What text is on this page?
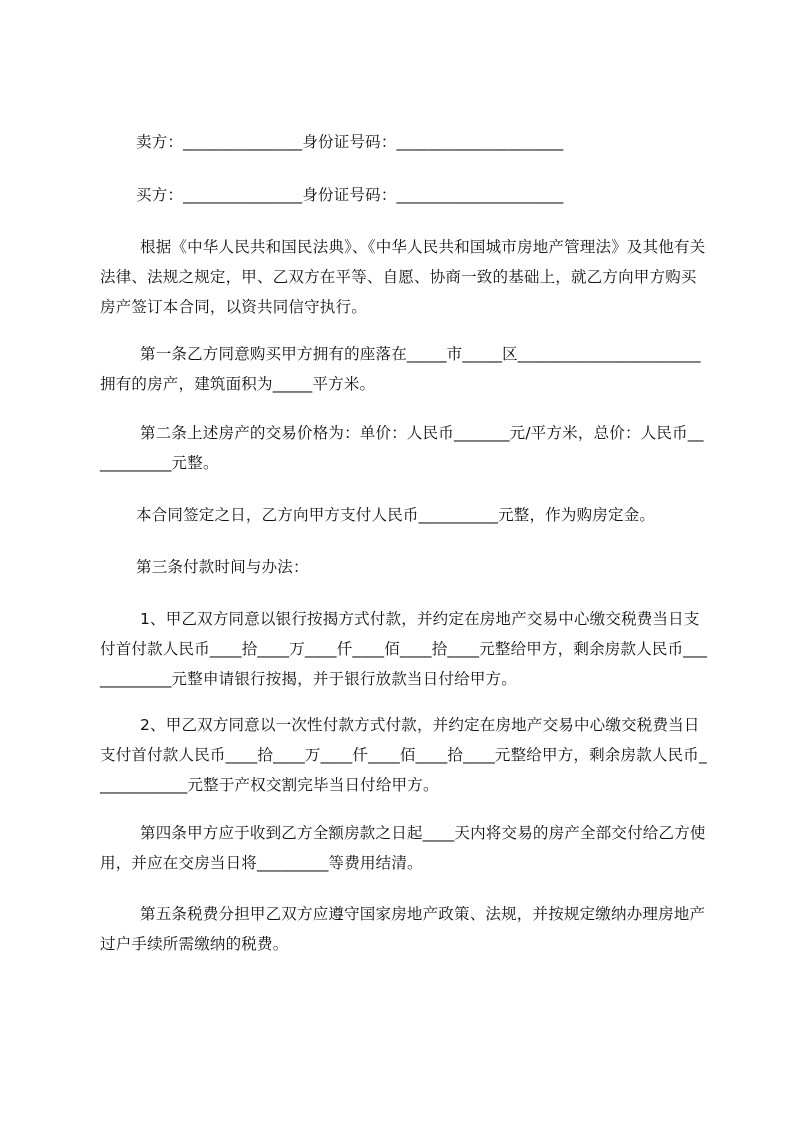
卖方：_______________身份证号码：_____________________

买方：_______________身份证号码：_____________________

根据《中华人民共和国民法典》、《中华人民共和国城市房地产管理法》及其他有关法律、法规之规定，甲、乙双方在平等、自愿、协商一致的基础上，就乙方向甲方购买房产签订本合同，以资共同信守执行。

第一条乙方同意购买甲方拥有的座落在_____市_____区_______________________拥有的房产，建筑面积为_____平方米。

第二条上述房产的交易价格为：单价：人民币_______元/平方米，总价：人民币___________元整。

本合同签定之日，乙方向甲方支付人民币__________元整，作为购房定金。

第三条付款时间与办法：

1、甲乙双方同意以银行按揭方式付款，并约定在房地产交易中心缴交税费当日支付首付款人民币____拾____万____仟____佰____拾____元整给甲方，剩余房款人民币____________元整申请银行按揭，并于银行放款当日付给甲方。

2、甲乙双方同意以一次性付款方式付款，并约定在房地产交易中心缴交税费当日支付首付款人民币____拾____万____仟____佰____拾____元整给甲方，剩余房款人民币____________元整于产权交割完毕当日付给甲方。

第四条甲方应于收到乙方全额房款之日起____天内将交易的房产全部交付给乙方使用，并应在交房当日将_________等费用结清。

第五条税费分担甲乙双方应遵守国家房地产政策、法规，并按规定缴纳办理房地产过户手续所需缴纳的税费。
